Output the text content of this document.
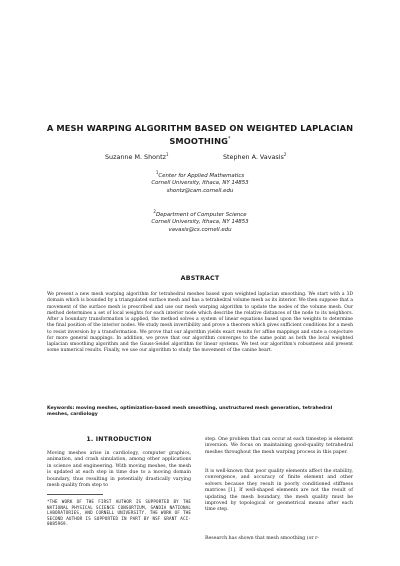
A MESH WARPING ALGORITHM BASED ON WEIGHTED LAPLACIAN SMOOTHING*
Suzanne M. Shontz$^1$	Stephen A. Vavasis$^2$
$^1$Center for Applied Mathematics
Cornell University, Ithaca, NY 14853
shontz@cam.cornell.edu
$^2$Department of Computer Science
Cornell University, Ithaca, NY 14853
vavasis@cs.cornell.edu
ABSTRACT
We present a new mesh warping algorithm for tetrahedral meshes based upon weighted laplacian smoothing. We start with a 3D domain which is bounded by a triangulated surface mesh and has a tetrahedral volume mesh as its interior. We then suppose that a movement of the surface mesh is prescribed and use our mesh warping algorithm to update the nodes of the volume mesh. Our method determines a set of local weights for each interior node which describe the relative distances of the node to its neighbors. After a boundary transformation is applied, the method solves a system of linear equations based upon the weights to determine the final position of the interior nodes. We study mesh invertibility and prove a theorem which gives sufficient conditions for a mesh to resist inversion by a transformation. We prove that our algorithm yields exact results for affine mappings and state a conjecture for more general mappings. In addition, we prove that our algorithm converges to the same point as both the local weighted laplacian smoothing algorithm and the Gauss-Seidel algorithm for linear systems. We test our algorithm's robustness and present some numerical results. Finally, we use our algorithm to study the movement of the canine heart.
Keywords: moving meshes, optimization-based mesh smoothing, unstructured mesh generation, tetrahedral meshes, cardiology
1. INTRODUCTION
Moving meshes arise in cardiology, computer graphics, animation, and crash simulation, among other applications in science and engineering. With moving meshes, the mesh is updated at each step in time due to a moving domain boundary, thus resulting in potentially drastically varying mesh quality from step to
*THE WORK OF THE FIRST AUTHOR IS SUPPORTED BY THE NATIONAL PHYSICAL SCIENCE CONSORTIUM, SANDIA NATIONAL LABORATORIES, AND CORNELL UNIVERSITY. THE WORK OF THE SECOND AUTHOR IS SUPPORTED IN PART BY NSF GRANT ACI-0085969.
step. One problem that can occur at each timestep is element inversion. We focus on maintaining good-quality tetrahedral meshes throughout the mesh warping process in this paper.
It is well-known that poor quality elements affect the stability, convergence, and accuracy of finite element and other solvers because they result in poorly conditioned stiffness matrices [1]. If well-shaped elements are not the result of updating the mesh boundary, the mesh quality must be improved by topological or geometrical means after each time step.
Research has shown that mesh smoothing (or r-
